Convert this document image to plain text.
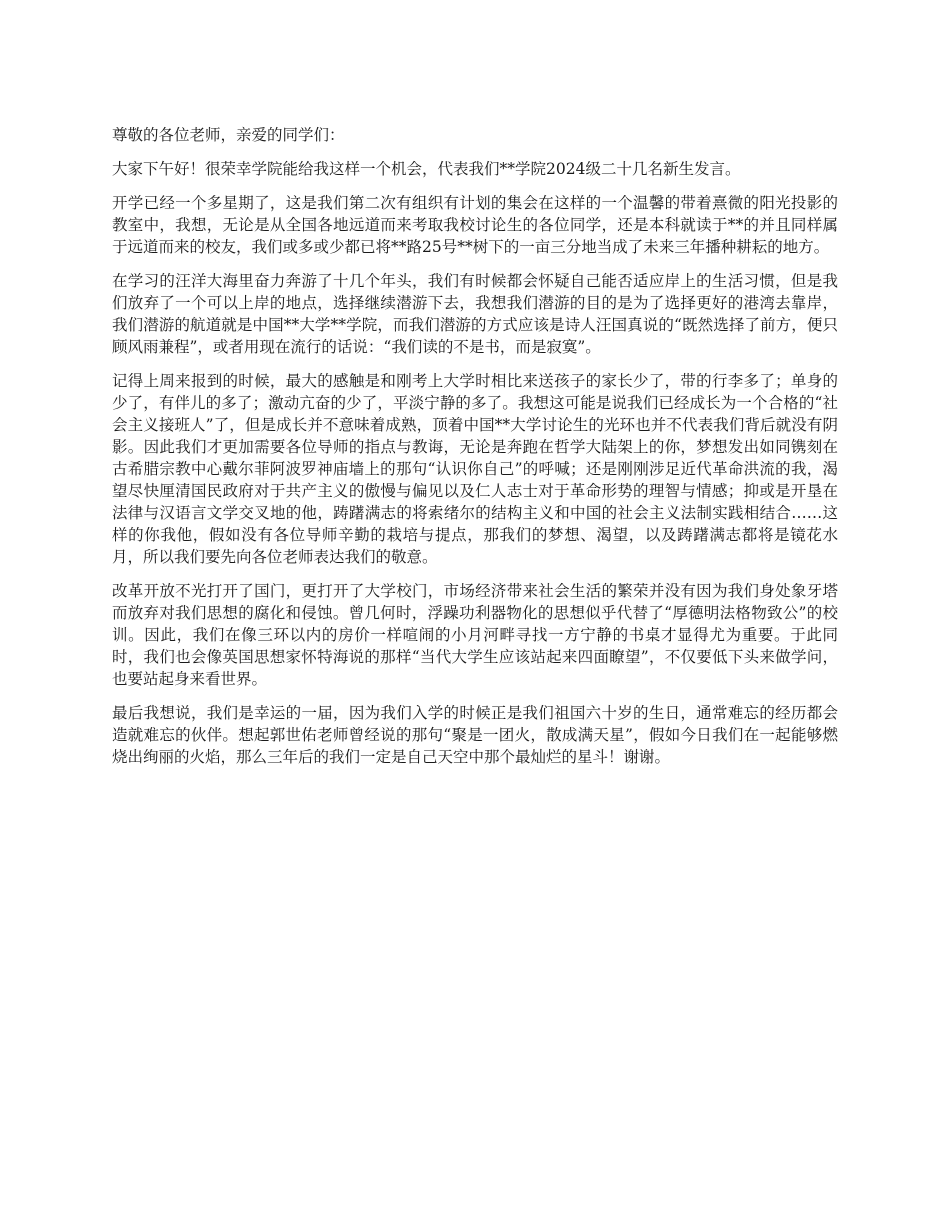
尊敬的各位老师，亲爱的同学们：

大家下午好！很荣幸学院能给我这样一个机会，代表我们**学院2024级二十几名新生发言。

开学已经一个多星期了，这是我们第二次有组织有计划的集会在这样的一个温馨的带着熹微的阳光投影的教室中，我想，无论是从全国各地远道而来考取我校讨论生的各位同学，还是本科就读于**的并且同样属于远道而来的校友，我们或多或少都已将**路25号**树下的一亩三分地当成了未来三年播种耕耘的地方。

在学习的汪洋大海里奋力奔游了十几个年头，我们有时候都会怀疑自己能否适应岸上的生活习惯，但是我们放弃了一个可以上岸的地点，选择继续潜游下去，我想我们潜游的目的是为了选择更好的港湾去靠岸，我们潜游的航道就是中国**大学**学院，而我们潜游的方式应该是诗人汪国真说的“既然选择了前方，便只顾风雨兼程”，或者用现在流行的话说：“我们读的不是书，而是寂寞”。

记得上周来报到的时候，最大的感触是和刚考上大学时相比来送孩子的家长少了，带的行李多了；单身的少了，有伴儿的多了；激动亢奋的少了，平淡宁静的多了。我想这可能是说我们已经成长为一个合格的“社会主义接班人”了，但是成长并不意味着成熟，顶着中国**大学讨论生的光环也并不代表我们背后就没有阴影。因此我们才更加需要各位导师的指点与教诲，无论是奔跑在哲学大陆架上的你，梦想发出如同镌刻在古希腊宗教中心戴尔菲阿波罗神庙墙上的那句“认识你自己”的呼喊；还是刚刚涉足近代革命洪流的我，渴望尽快厘清国民政府对于共产主义的傲慢与偏见以及仁人志士对于革命形势的理智与情感；抑或是开垦在法律与汉语言文学交叉地的他，踌躇满志的将索绪尔的结构主义和中国的社会主义法制实践相结合……这样的你我他，假如没有各位导师辛勤的栽培与提点，那我们的梦想、渴望，以及踌躇满志都将是镜花水月，所以我们要先向各位老师表达我们的敬意。

改革开放不光打开了国门，更打开了大学校门，市场经济带来社会生活的繁荣并没有因为我们身处象牙塔而放弃对我们思想的腐化和侵蚀。曾几何时，浮躁功利器物化的思想似乎代替了“厚德明法格物致公”的校训。因此，我们在像三环以内的房价一样喧闹的小月河畔寻找一方宁静的书桌才显得尤为重要。于此同时，我们也会像英国思想家怀特海说的那样“当代大学生应该站起来四面瞭望”，不仅要低下头来做学问，也要站起身来看世界。

最后我想说，我们是幸运的一届，因为我们入学的时候正是我们祖国六十岁的生日，通常难忘的经历都会造就难忘的伙伴。想起郭世佑老师曾经说的那句“聚是一团火，散成满天星”，假如今日我们在一起能够燃烧出绚丽的火焰，那么三年后的我们一定是自己天空中那个最灿烂的星斗！谢谢。
